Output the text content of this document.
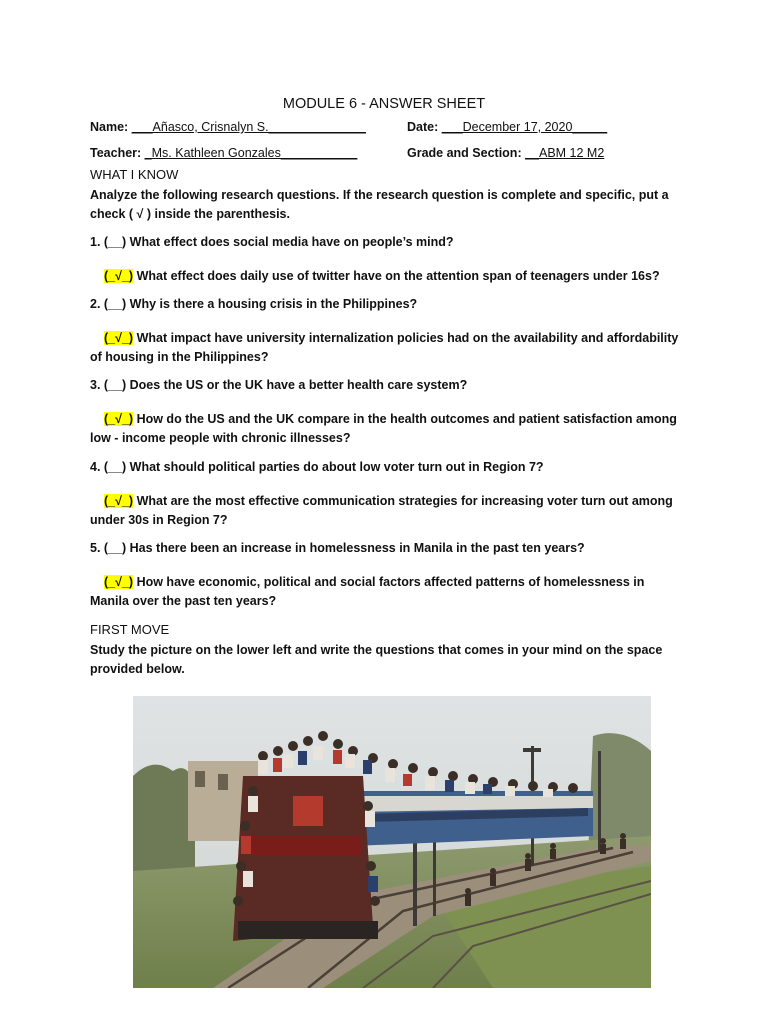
MODULE 6 - ANSWER SHEET
Name: ___Añasco, Crisnalyn S.______________	Date: ___December 17, 2020_____
Teacher: _Ms. Kathleen Gonzales___________	Grade and Section: __ABM 12 M2
WHAT I KNOW
Analyze the following research questions. If the research question is complete and specific, put a check ( √ ) inside the parenthesis.
1. (__) What effect does social media have on people’s mind?
(_√_) What effect does daily use of twitter have on the attention span of teenagers under 16s?
2. (__) Why is there a housing crisis in the Philippines?
(_√_) What impact have university internalization policies had on the availability and affordability of housing in the Philippines?
3. (__) Does the US or the UK have a better health care system?
(_√_) How do the US and the UK compare in the health outcomes and patient satisfaction among low - income people with chronic illnesses?
4. (__) What should political parties do about low voter turn out in Region 7?
(_√_) What are the most effective communication strategies for increasing voter turn out among under 30s in Region 7?
5. (__) Has there been an increase in homelessness in Manila in the past ten years?
(_√_) How have economic, political and social factors affected patterns of homelessness in Manila over the past ten years?
FIRST MOVE
Study the picture on the lower left and write the questions that comes in your mind on the space provided below.
